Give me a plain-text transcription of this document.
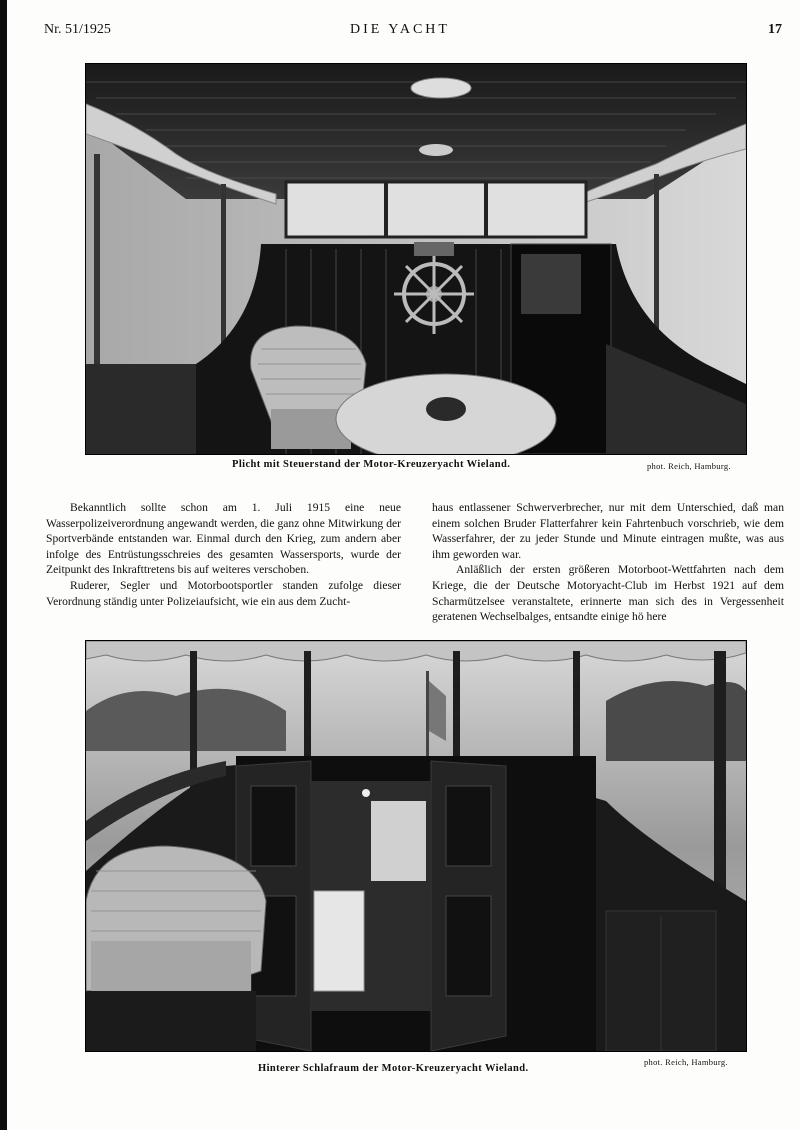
Nr. 51/1925	DIE YACHT	17
Plicht mit Steuerstand der Motor-Kreuzeryacht Wieland.	phot. Reich, Hamburg.

Bekanntlich sollte schon am 1. Juli 1915 eine neue Wasserpolizeiverordnung angewandt werden, die ganz ohne Mitwirkung der Sportverbände entstanden war. Einmal durch den Krieg, zum andern aber infolge des Entrüstungsschreies des gesamten Wassersports, wurde der Zeitpunkt des Inkrafttretens bis auf weiteres verschoben.

Ruderer, Segler und Motorbootsportler standen zufolge dieser Verordnung ständig unter Polizeiaufsicht, wie ein aus dem Zucht-

haus entlassener Schwerverbrecher, nur mit dem Unterschied, daß man einem solchen Bruder Flatterfahrer kein Fahrtenbuch vorschrieb, wie dem Wasserfahrer, der zu jeder Stunde und Minute eintragen mußte, was aus ihm geworden war.

Anläßlich der ersten größeren Motorboot-Wettfahrten nach dem Kriege, die der Deutsche Motoryacht-Club im Herbst 1921 auf dem Scharmützelsee veranstaltete, erinnerte man sich des in Vergessenheit geratenen Wechselbalges, entsandte einige hö here

Hinterer Schlafraum der Motor-Kreuzeryacht Wieland.
phot. Reich, Hamburg.
